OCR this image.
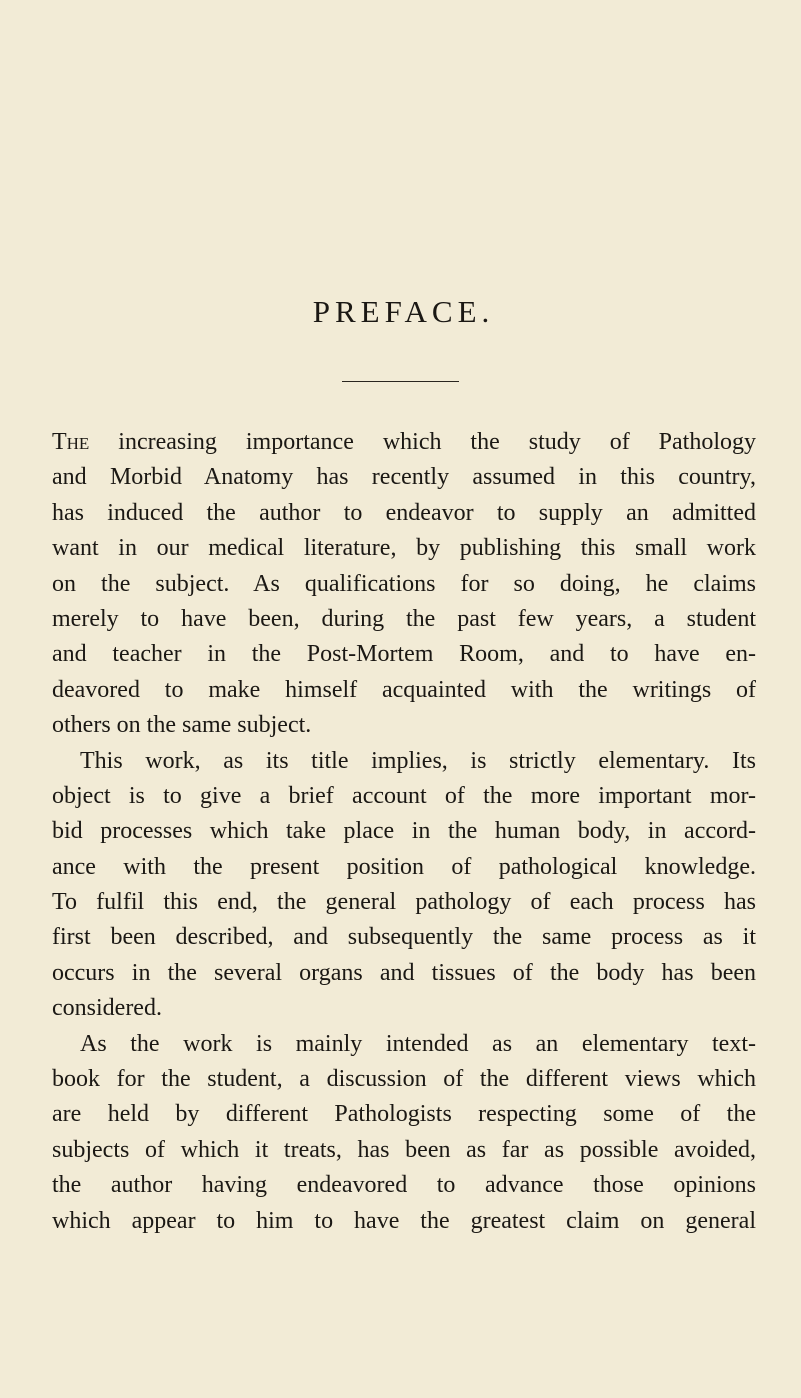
PREFACE.
The increasing importance which the study of Pathology
and Morbid Anatomy has recently assumed in this country,
has induced the author to endeavor to supply an admitted
want in our medical literature, by publishing this small work
on the subject. As qualifications for so doing, he claims
merely to have been, during the past few years, a student
and teacher in the Post-Mortem Room, and to have en-
deavored to make himself acquainted with the writings of
others on the same subject.
This work, as its title implies, is strictly elementary. Its
object is to give a brief account of the more important mor-
bid processes which take place in the human body, in accord-
ance with the present position of pathological knowledge.
To fulfil this end, the general pathology of each process has
first been described, and subsequently the same process as it
occurs in the several organs and tissues of the body has been
considered.
As the work is mainly intended as an elementary text-
book for the student, a discussion of the different views which
are held by different Pathologists respecting some of the
subjects of which it treats, has been as far as possible avoided,
the author having endeavored to advance those opinions
which appear to him to have the greatest claim on general
